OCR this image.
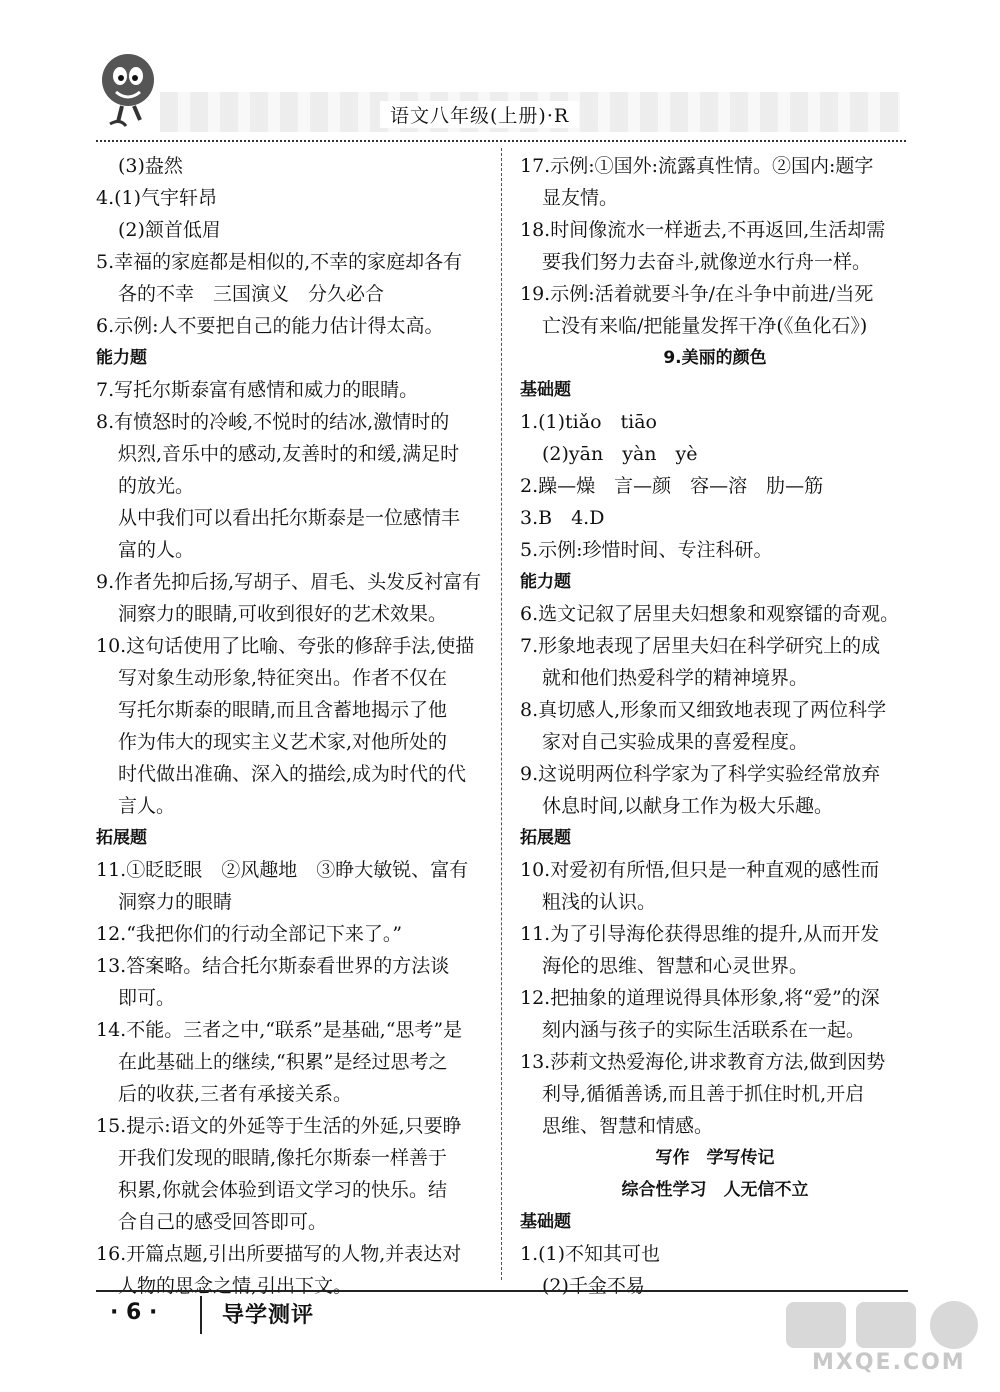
语文八年级(上册)·R
(3)盎然
4.(1)气宇轩昂
(2)颔首低眉
5.幸福的家庭都是相似的,不幸的家庭却各有
各的不幸　三国演义　分久必合
6.示例:人不要把自己的能力估计得太高。
能力题
7.写托尔斯泰富有感情和威力的眼睛。
8.有愤怒时的冷峻,不悦时的结冰,激情时的
炽烈,音乐中的感动,友善时的和缓,满足时
的放光。
从中我们可以看出托尔斯泰是一位感情丰
富的人。
9.作者先抑后扬,写胡子、眉毛、头发反衬富有
洞察力的眼睛,可收到很好的艺术效果。
10.这句话使用了比喻、夸张的修辞手法,使描
写对象生动形象,特征突出。作者不仅在
写托尔斯泰的眼睛,而且含蓄地揭示了他
作为伟大的现实主义艺术家,对他所处的
时代做出准确、深入的描绘,成为时代的代
言人。
拓展题
11.①眨眨眼　②风趣地　③睁大敏锐、富有
洞察力的眼睛
12.“我把你们的行动全部记下来了。”
13.答案略。结合托尔斯泰看世界的方法谈
即可。
14.不能。三者之中,“联系”是基础,“思考”是
在此基础上的继续,“积累”是经过思考之
后的收获,三者有承接关系。
15.提示:语文的外延等于生活的外延,只要睁
开我们发现的眼睛,像托尔斯泰一样善于
积累,你就会体验到语文学习的快乐。结
合自己的感受回答即可。
16.开篇点题,引出所要描写的人物,并表达对
人物的思念之情,引出下文。
17.示例:①国外:流露真性情。②国内:题字
显友情。
18.时间像流水一样逝去,不再返回,生活却需
要我们努力去奋斗,就像逆水行舟一样。
19.示例:活着就要斗争/在斗争中前进/当死
亡没有来临/把能量发挥干净(《鱼化石》)
9.美丽的颜色
基础题
1.(1)tiǎo　tiāo
(2)yān　yàn　yè
2.躁—燥　言—颜　容—溶　肋—筋
3.B　4.D
5.示例:珍惜时间、专注科研。
能力题
6.选文记叙了居里夫妇想象和观察镭的奇观。
7.形象地表现了居里夫妇在科学研究上的成
就和他们热爱科学的精神境界。
8.真切感人,形象而又细致地表现了两位科学
家对自己实验成果的喜爱程度。
9.这说明两位科学家为了科学实验经常放弃
休息时间,以献身工作为极大乐趣。
拓展题
10.对爱初有所悟,但只是一种直观的感性而
粗浅的认识。
11.为了引导海伦获得思维的提升,从而开发
海伦的思维、智慧和心灵世界。
12.把抽象的道理说得具体形象,将“爱”的深
刻内涵与孩子的实际生活联系在一起。
13.莎莉文热爱海伦,讲求教育方法,做到因势
利导,循循善诱,而且善于抓住时机,开启
思维、智慧和情感。
写作　学写传记
综合性学习　人无信不立
基础题
1.(1)不知其可也
(2)千金不易
· 6 ·	导学测评
MXQE.COM
